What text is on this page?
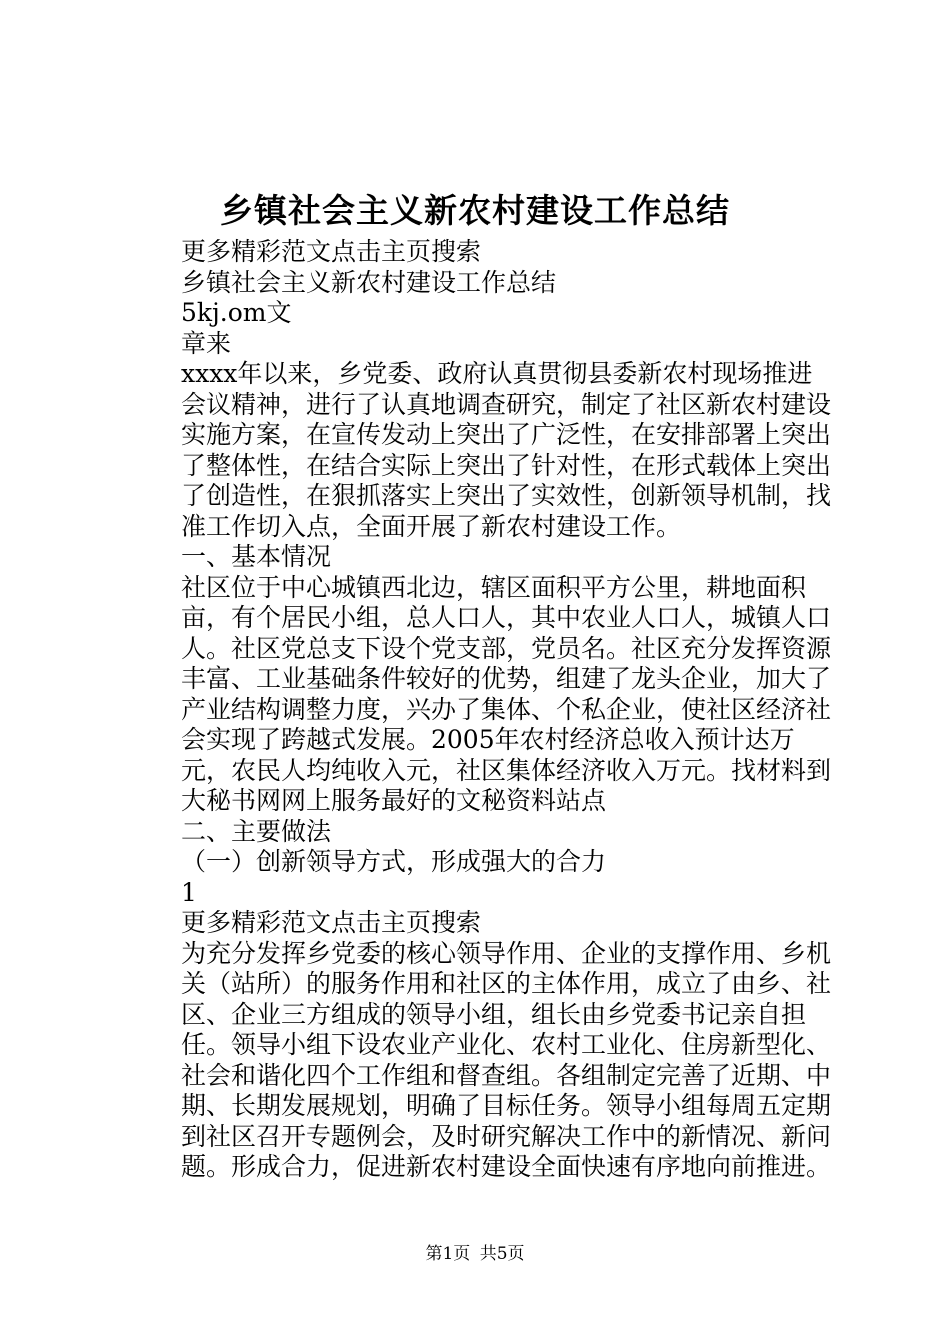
乡镇社会主义新农村建设工作总结

更多精彩范文点击主页搜索

乡镇社会主义新农村建设工作总结

5kj.om文

章来

xxxx年以来，乡党委、政府认真贯彻县委新农村现场推进会议精神，进行了认真地调查研究，制定了社区新农村建设实施方案，在宣传发动上突出了广泛性，在安排部署上突出了整体性，在结合实际上突出了针对性，在形式载体上突出了创造性，在狠抓落实上突出了实效性，创新领导机制，找准工作切入点，全面开展了新农村建设工作。

一、基本情况

社区位于中心城镇西北边，辖区面积平方公里，耕地面积亩，有个居民小组，总人口人，其中农业人口人，城镇人口人。社区党总支下设个党支部，党员名。社区充分发挥资源丰富、工业基础条件较好的优势，组建了龙头企业，加大了产业结构调整力度，兴办了集体、个私企业，使社区经济社会实现了跨越式发展。2005年农村经济总收入预计达万元，农民人均纯收入元，社区集体经济收入万元。找材料到大秘书网网上服务最好的文秘资料站点

二、主要做法

（一）创新领导方式，形成强大的合力

1

更多精彩范文点击主页搜索

为充分发挥乡党委的核心领导作用、企业的支撑作用、乡机关（站所）的服务作用和社区的主体作用，成立了由乡、社区、企业三方组成的领导小组，组长由乡党委书记亲自担任。领导小组下设农业产业化、农村工业化、住房新型化、社会和谐化四个工作组和督查组。各组制定完善了近期、中期、长期发展规划，明确了目标任务。领导小组每周五定期到社区召开专题例会，及时研究解决工作中的新情况、新问题。形成合力，促进新农村建设全面快速有序地向前推进。

第1页 共5页
